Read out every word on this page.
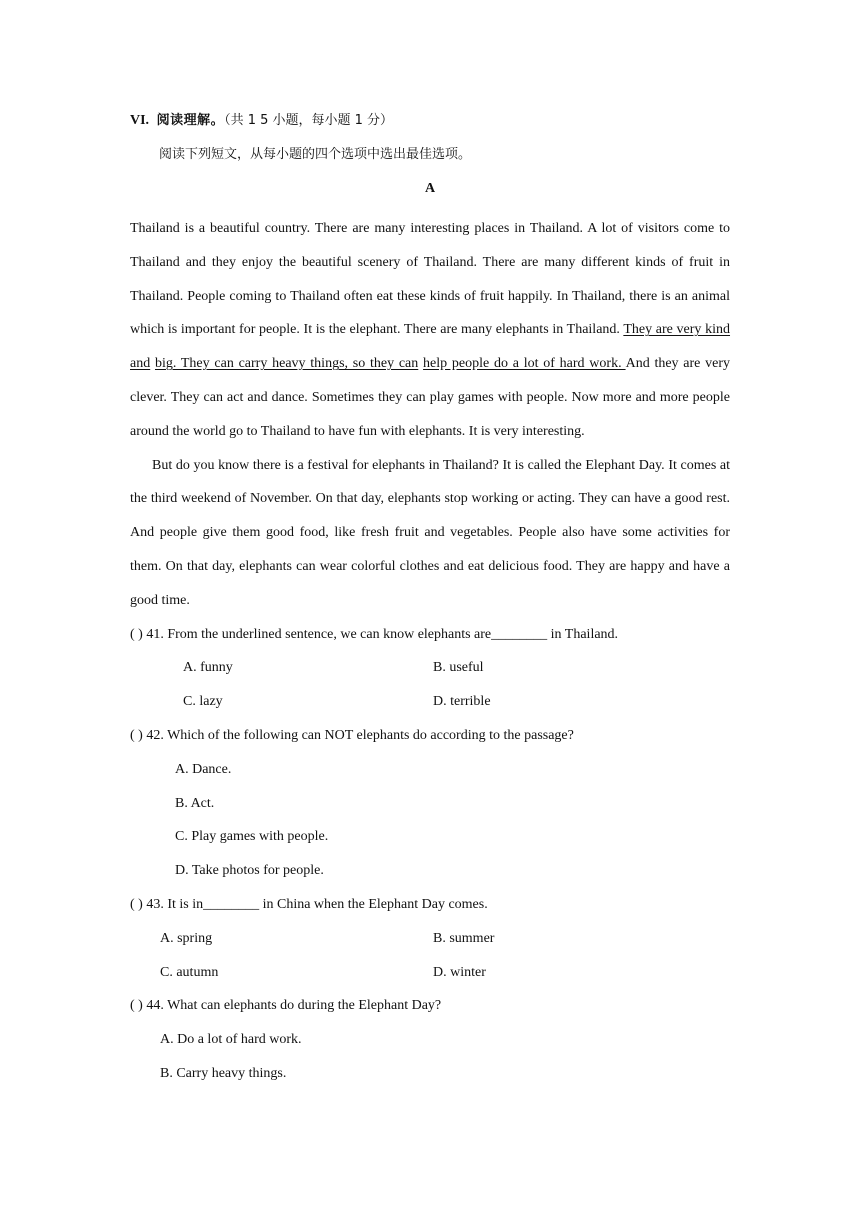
VI. 阅读理解。（共 1 5 小题，每小题 1 分）
阅读下列短文，从每小题的四个选项中选出最佳选项。
A

Thailand is a beautiful country. There are many interesting places in Thailand. A lot of visitors come to Thailand and they enjoy the beautiful scenery of Thailand. There are many different kinds of fruit in Thailand. People coming to Thailand often eat these kinds of fruit happily. In Thailand, there is an animal which is important for people. It is the elephant. There are many elephants in Thailand. They are very kind and big. They can carry heavy things, so they can help people do a lot of hard work. And they are very clever. They can act and dance. Sometimes they can play games with people. Now more and more people around the world go to Thailand to have fun with elephants. It is very interesting.

But do you know there is a festival for elephants in Thailand? It is called the Elephant Day. It comes at the third weekend of November. On that day, elephants stop working or acting. They can have a good rest. And people give them good food, like fresh fruit and vegetables. People also have some activities for them. On that day, elephants can wear colorful clothes and eat delicious food. They are happy and have a good time.

( ) 41. From the underlined sentence, we can know elephants are________ in Thailand.

A. funny	B. useful
C. lazy	D. terrible

( ) 42. Which of the following can NOT elephants do according to the passage?

A. Dance.
B. Act.
C. Play games with people.
D. Take photos for people.

( ) 43. It is in________ in China when the Elephant Day comes.

A. spring	B. summer
C. autumn	D. winter

( ) 44. What can elephants do during the Elephant Day?

A. Do a lot of hard work.
B. Carry heavy things.
